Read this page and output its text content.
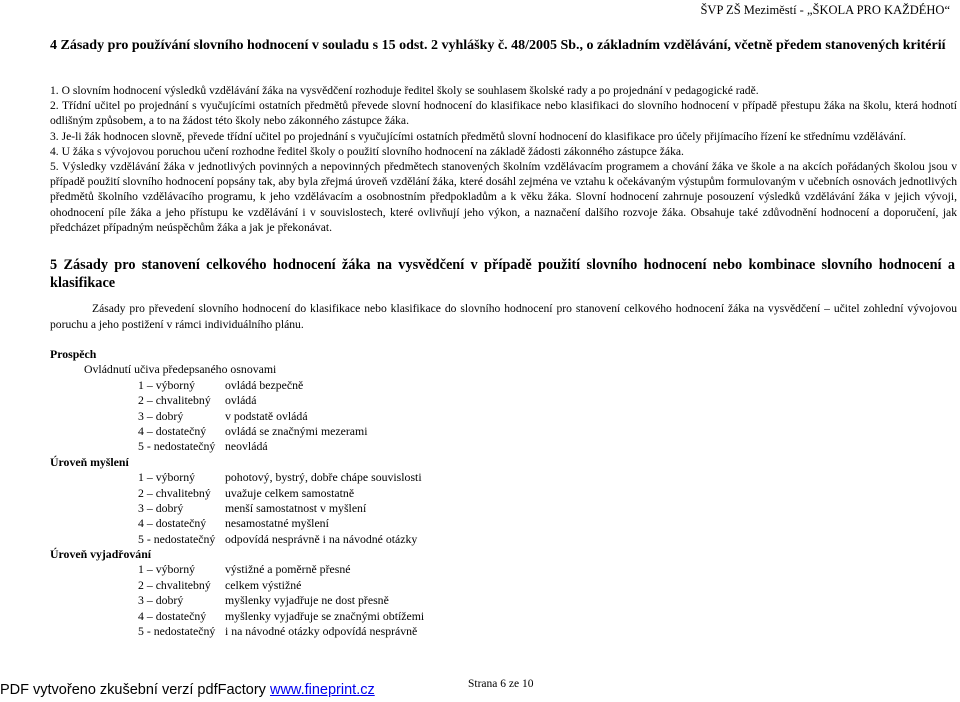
ŠVP ZŠ Meziměstí - „ŠKOLA PRO KAŽDÉHO“
4 Zásady pro používání slovního hodnocení v souladu s 15 odst. 2 vyhlášky č. 48/2005 Sb., o základním vzdělávání, včetně předem stanovených kritérií

1. O slovním hodnocení výsledků vzdělávání žáka na vysvědčení rozhoduje ředitel školy se souhlasem školské rady a po projednání v pedagogické radě.

2. Třídní učitel po projednání s vyučujícími ostatních předmětů převede slovní hodnocení do klasifikace nebo klasifikaci do slovního hodnocení v případě přestupu žáka na školu, která hodnotí odlišným způsobem, a to na žádost této školy nebo zákonného zástupce žáka.

3. Je-li žák hodnocen slovně, převede třídní učitel po projednání s vyučujícími ostatních předmětů slovní hodnocení do klasifikace pro účely přijímacího řízení ke střednímu vzdělávání.

4. U žáka s vývojovou poruchou učení rozhodne ředitel školy o použití slovního hodnocení na základě žádosti zákonného zástupce žáka.

5. Výsledky vzdělávání žáka v jednotlivých povinných a nepovinných předmětech stanovených školním vzdělávacím programem a chování žáka ve škole a na akcích pořádaných školou jsou v případě použití slovního hodnocení popsány tak, aby byla zřejmá úroveň vzdělání žáka, které dosáhl zejména ve vztahu k očekávaným výstupům formulovaným v učebních osnovách jednotlivých předmětů školního vzdělávacího programu, k jeho vzdělávacím a osobnostním předpokladům a k věku žáka. Slovní hodnocení zahrnuje posouzení výsledků vzdělávání žáka v jejich vývoji, ohodnocení píle žáka a jeho přístupu ke vzdělávání i v souvislostech, které ovlivňují jeho výkon, a naznačení dalšího rozvoje žáka. Obsahuje také zdůvodnění hodnocení a doporučení, jak předcházet případným neúspěchům žáka a jak je překonávat.

5 Zásady pro stanovení celkového hodnocení žáka na vysvědčení v případě použití slovního hodnocení nebo kombinace slovního hodnocení a klasifikace
Zásady pro převedení slovního hodnocení do klasifikace nebo klasifikace do slovního hodnocení pro stanovení celkového hodnocení žáka na vysvědčení – učitel zohlední vývojovou poruchu a jeho postižení v rámci individuálního plánu.
Prospěch
Ovládnutí učiva předepsaného osnovami
1 – výborný	ovládá bezpečně
2 – chvalitebný ovládá
3 – dobrý	v podstatě ovládá
4 – dostatečný ovládá se značnými mezerami
5 - nedostatečný neovládá
Úroveň myšlení
1 – výborný	pohotový, bystrý, dobře chápe souvislosti
2 – chvalitebný uvažuje celkem samostatně
3 – dobrý	menší samostatnost v myšlení
4 – dostatečný nesamostatné myšlení
5 - nedostatečný odpovídá nesprávně i na návodné otázky
Úroveň vyjadřování
1 – výborný	výstižné a poměrně přesné
2 – chvalitebný celkem výstižné
3 – dobrý	myšlenky vyjadřuje ne dost přesně
4 – dostatečný myšlenky vyjadřuje se značnými obtížemi
5 - nedostatečný i na návodné otázky odpovídá nesprávně
PDF vytvořeno zkušební verzí pdfFactory www.fineprint.cz	Strana 6 ze 10
